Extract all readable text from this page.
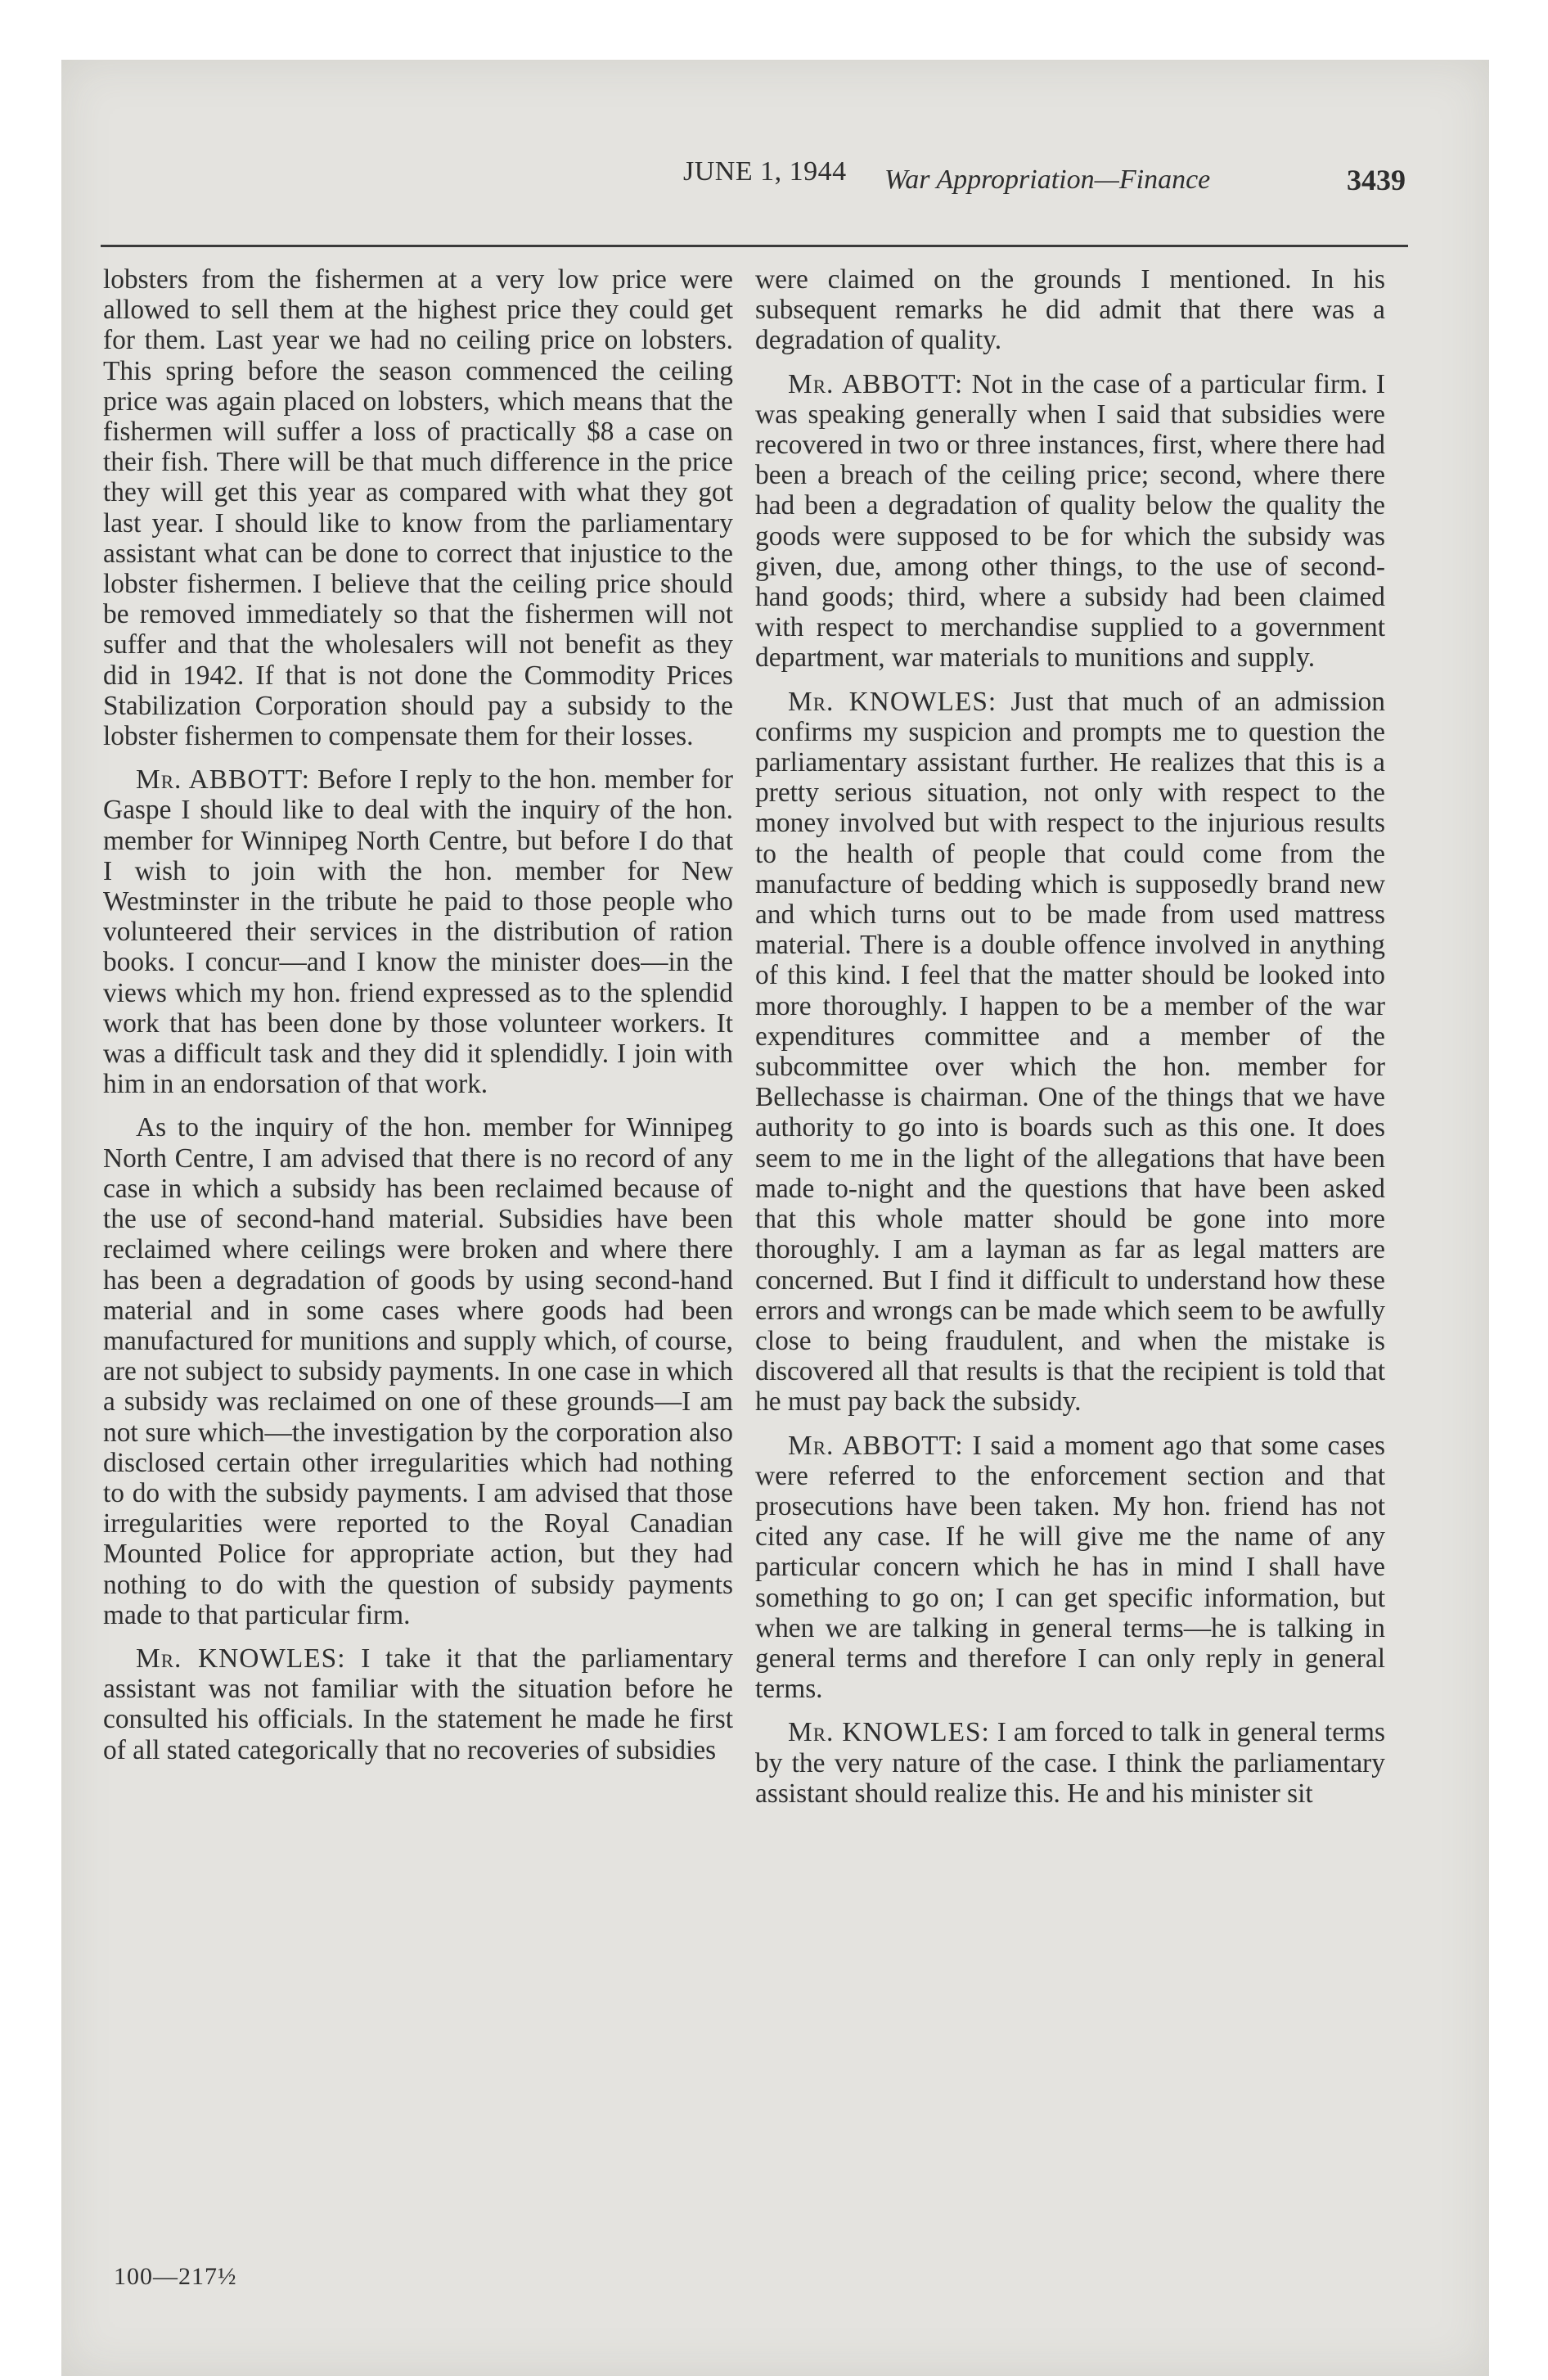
JUNE 1, 1944 War Appropriation—Finance	3439

lobsters from the fishermen at a very low price were allowed to sell them at the highest price they could get for them. Last year we had no ceiling price on lobsters. This spring before the season commenced the ceiling price was again placed on lobsters, which means that the fishermen will suffer a loss of practically $8 a case on their fish. There will be that much difference in the price they will get this year as compared with what they got last year. I should like to know from the parliamentary assistant what can be done to correct that injustice to the lobster fishermen. I believe that the ceiling price should be removed immediately so that the fishermen will not suffer and that the wholesalers will not benefit as they did in 1942. If that is not done the Commodity Prices Stabilization Corporation should pay a subsidy to the lobster fishermen to compensate them for their losses.

Mr. ABBOTT: Before I reply to the hon. member for Gaspe I should like to deal with the inquiry of the hon. member for Winnipeg North Centre, but before I do that I wish to join with the hon. member for New Westminster in the tribute he paid to those people who volunteered their services in the distribution of ration books. I concur—and I know the minister does—in the views which my hon. friend expressed as to the splendid work that has been done by those volunteer workers. It was a difficult task and they did it splendidly. I join with him in an endorsation of that work.

As to the inquiry of the hon. member for Winnipeg North Centre, I am advised that there is no record of any case in which a subsidy has been reclaimed because of the use of second-hand material. Subsidies have been reclaimed where ceilings were broken and where there has been a degradation of goods by using second-hand material and in some cases where goods had been manufactured for munitions and supply which, of course, are not subject to subsidy payments. In one case in which a subsidy was reclaimed on one of these grounds—I am not sure which—the investigation by the corporation also disclosed certain other irregularities which had nothing to do with the subsidy payments. I am advised that those irregularities were reported to the Royal Canadian Mounted Police for appropriate action, but they had nothing to do with the question of subsidy payments made to that particular firm.

Mr. KNOWLES: I take it that the parliamentary assistant was not familiar with the situation before he consulted his officials. In the statement he made he first of all stated categorically that no recoveries of subsidies

were claimed on the grounds I mentioned. In his subsequent remarks he did admit that there was a degradation of quality.

Mr. ABBOTT: Not in the case of a particular firm. I was speaking generally when I said that subsidies were recovered in two or three instances, first, where there had been a breach of the ceiling price; second, where there had been a degradation of quality below the quality the goods were supposed to be for which the subsidy was given, due, among other things, to the use of second-hand goods; third, where a subsidy had been claimed with respect to merchandise supplied to a government department, war materials to munitions and supply.

Mr. KNOWLES: Just that much of an admission confirms my suspicion and prompts me to question the parliamentary assistant further. He realizes that this is a pretty serious situation, not only with respect to the money involved but with respect to the injurious results to the health of people that could come from the manufacture of bedding which is supposedly brand new and which turns out to be made from used mattress material. There is a double offence involved in anything of this kind. I feel that the matter should be looked into more thoroughly. I happen to be a member of the war expenditures committee and a member of the subcommittee over which the hon. member for Bellechasse is chairman. One of the things that we have authority to go into is boards such as this one. It does seem to me in the light of the allegations that have been made to-night and the questions that have been asked that this whole matter should be gone into more thoroughly. I am a layman as far as legal matters are concerned. But I find it difficult to understand how these errors and wrongs can be made which seem to be awfully close to being fraudulent, and when the mistake is discovered all that results is that the recipient is told that he must pay back the subsidy.

Mr. ABBOTT: I said a moment ago that some cases were referred to the enforcement section and that prosecutions have been taken. My hon. friend has not cited any case. If he will give me the name of any particular concern which he has in mind I shall have something to go on; I can get specific information, but when we are talking in general terms—he is talking in general terms and therefore I can only reply in general terms.

Mr. KNOWLES: I am forced to talk in general terms by the very nature of the case. I think the parliamentary assistant should realize this. He and his minister sit

100—217½
